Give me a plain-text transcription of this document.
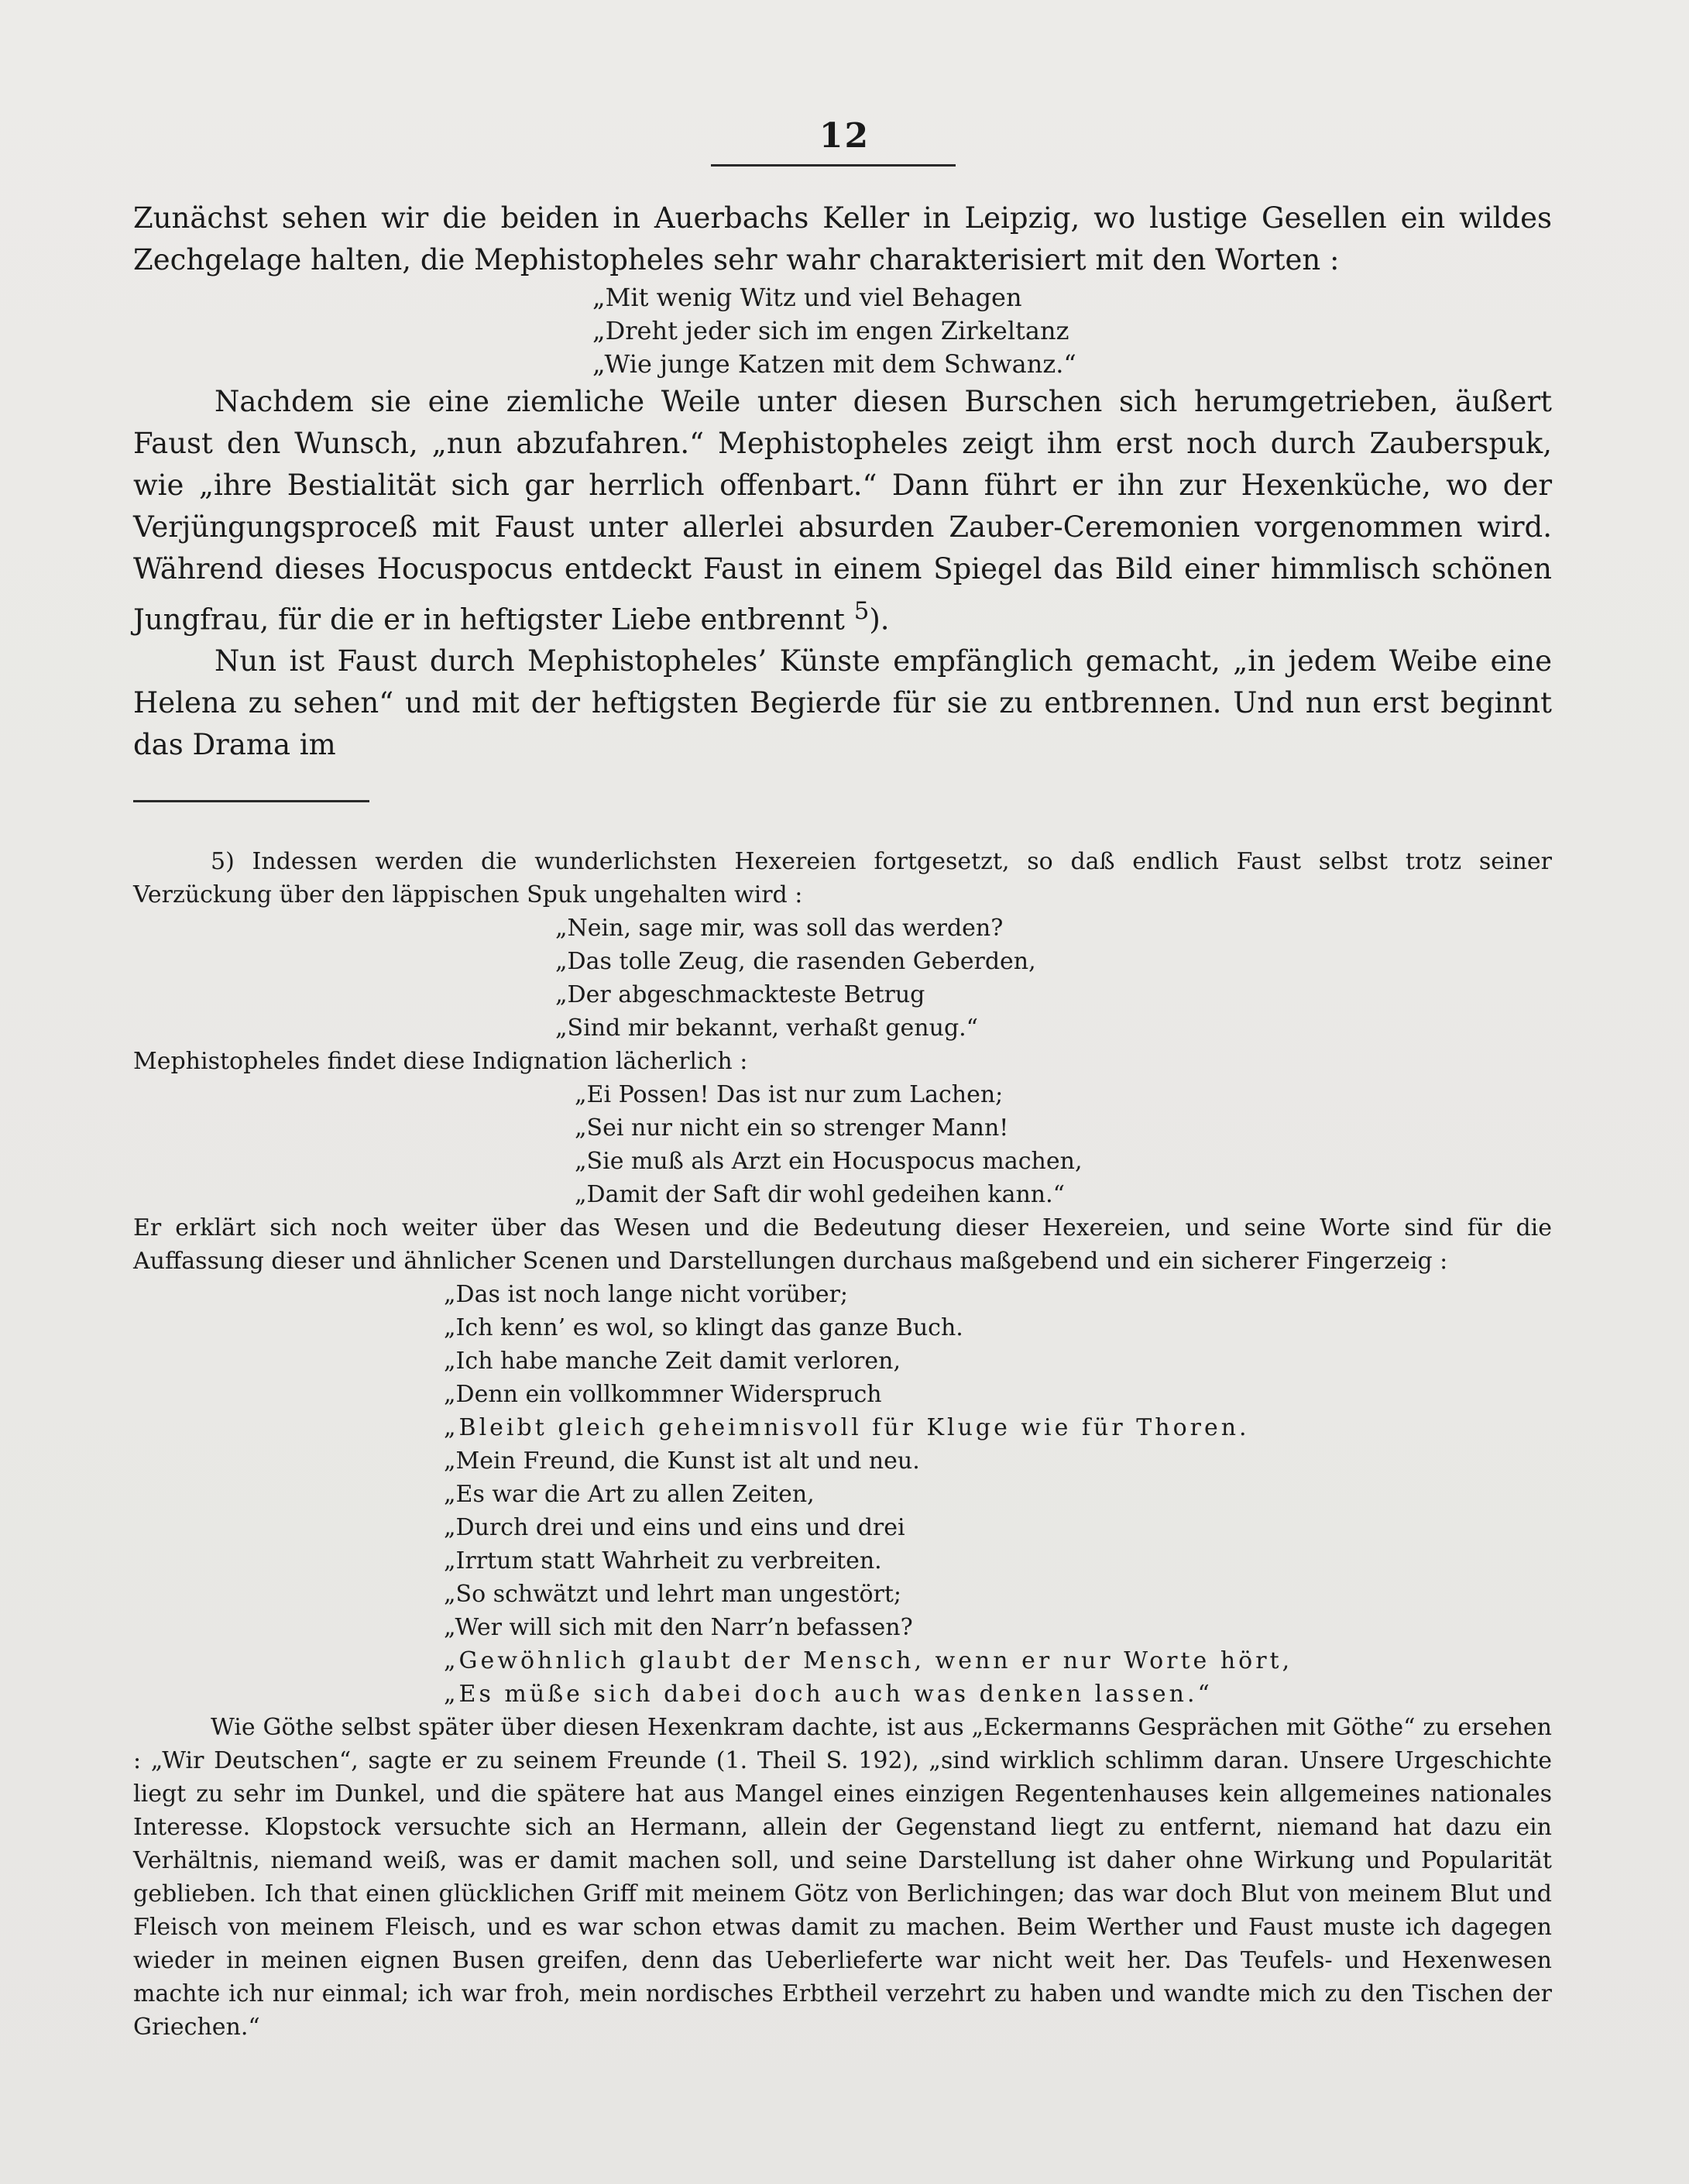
12

Zunächst sehen wir die beiden in Auerbachs Keller in Leipzig, wo lustige Gesellen ein wildes Zechgelage halten, die Mephistopheles sehr wahr charakterisiert mit den Worten :

„Mit wenig Witz und viel Behagen
„Dreht jeder sich im engen Zirkeltanz
„Wie junge Katzen mit dem Schwanz.“

Nachdem sie eine ziemliche Weile unter diesen Burschen sich herumgetrieben, äußert Faust den Wunsch, „nun abzufahren.“ Mephistopheles zeigt ihm erst noch durch Zauberspuk, wie „ihre Bestialität sich gar herrlich offenbart.“ Dann führt er ihn zur Hexenküche, wo der Verjüngungsproceß mit Faust unter allerlei absurden Zauber-Ceremonien vorgenommen wird. Während dieses Hocuspocus entdeckt Faust in einem Spiegel das Bild einer himmlisch schönen Jungfrau, für die er in heftigster Liebe entbrennt $^5$).

Nun ist Faust durch Mephistopheles’ Künste empfänglich gemacht, „in jedem Weibe eine Helena zu sehen“ und mit der heftigsten Begierde für sie zu entbrennen. Und nun erst beginnt das Drama im

5) Indessen werden die wunderlichsten Hexereien fortgesetzt, so daß endlich Faust selbst trotz seiner Verzückung über den läppischen Spuk ungehalten wird :

„Nein, sage mir, was soll das werden?
„Das tolle Zeug, die rasenden Geberden,
„Der abgeschmackteste Betrug
„Sind mir bekannt, verhaßt genug.“

Mephistopheles findet diese Indignation lächerlich :

„Ei Possen! Das ist nur zum Lachen;
„Sei nur nicht ein so strenger Mann!
„Sie muß als Arzt ein Hocuspocus machen,
„Damit der Saft dir wohl gedeihen kann.“

Er erklärt sich noch weiter über das Wesen und die Bedeutung dieser Hexereien, und seine Worte sind für die Auffassung dieser und ähnlicher Scenen und Darstellungen durchaus maßgebend und ein sicherer Fingerzeig :

„Das ist noch lange nicht vorüber;
„Ich kenn’ es wol, so klingt das ganze Buch.
„Ich habe manche Zeit damit verloren,
„Denn ein vollkommner Widerspruch
„Bleibt gleich geheimnisvoll für Kluge wie für Thoren.
„Mein Freund, die Kunst ist alt und neu.
„Es war die Art zu allen Zeiten,
„Durch drei und eins und eins und drei
„Irrtum statt Wahrheit zu verbreiten.
„So schwätzt und lehrt man ungestört;
„Wer will sich mit den Narr’n befassen?
„Gewöhnlich glaubt der Mensch, wenn er nur Worte hört,
„Es müße sich dabei doch auch was denken lassen.“

Wie Göthe selbst später über diesen Hexenkram dachte, ist aus „Eckermanns Gesprächen mit Göthe“ zu ersehen : „Wir Deutschen“, sagte er zu seinem Freunde (1. Theil S. 192), „sind wirklich schlimm daran. Unsere Urgeschichte liegt zu sehr im Dunkel, und die spätere hat aus Mangel eines einzigen Regentenhauses kein allgemeines nationales Interesse. Klopstock versuchte sich an Hermann, allein der Gegenstand liegt zu entfernt, niemand hat dazu ein Verhältnis, niemand weiß, was er damit machen soll, und seine Darstellung ist daher ohne Wirkung und Popularität geblieben. Ich that einen glücklichen Griff mit meinem Götz von Berlichingen; das war doch Blut von meinem Blut und Fleisch von meinem Fleisch, und es war schon etwas damit zu machen. Beim Werther und Faust muste ich dagegen wieder in meinen eignen Busen greifen, denn das Ueberlieferte war nicht weit her. Das Teufels- und Hexenwesen machte ich nur einmal; ich war froh, mein nordisches Erbtheil verzehrt zu haben und wandte mich zu den Tischen der Griechen.“
